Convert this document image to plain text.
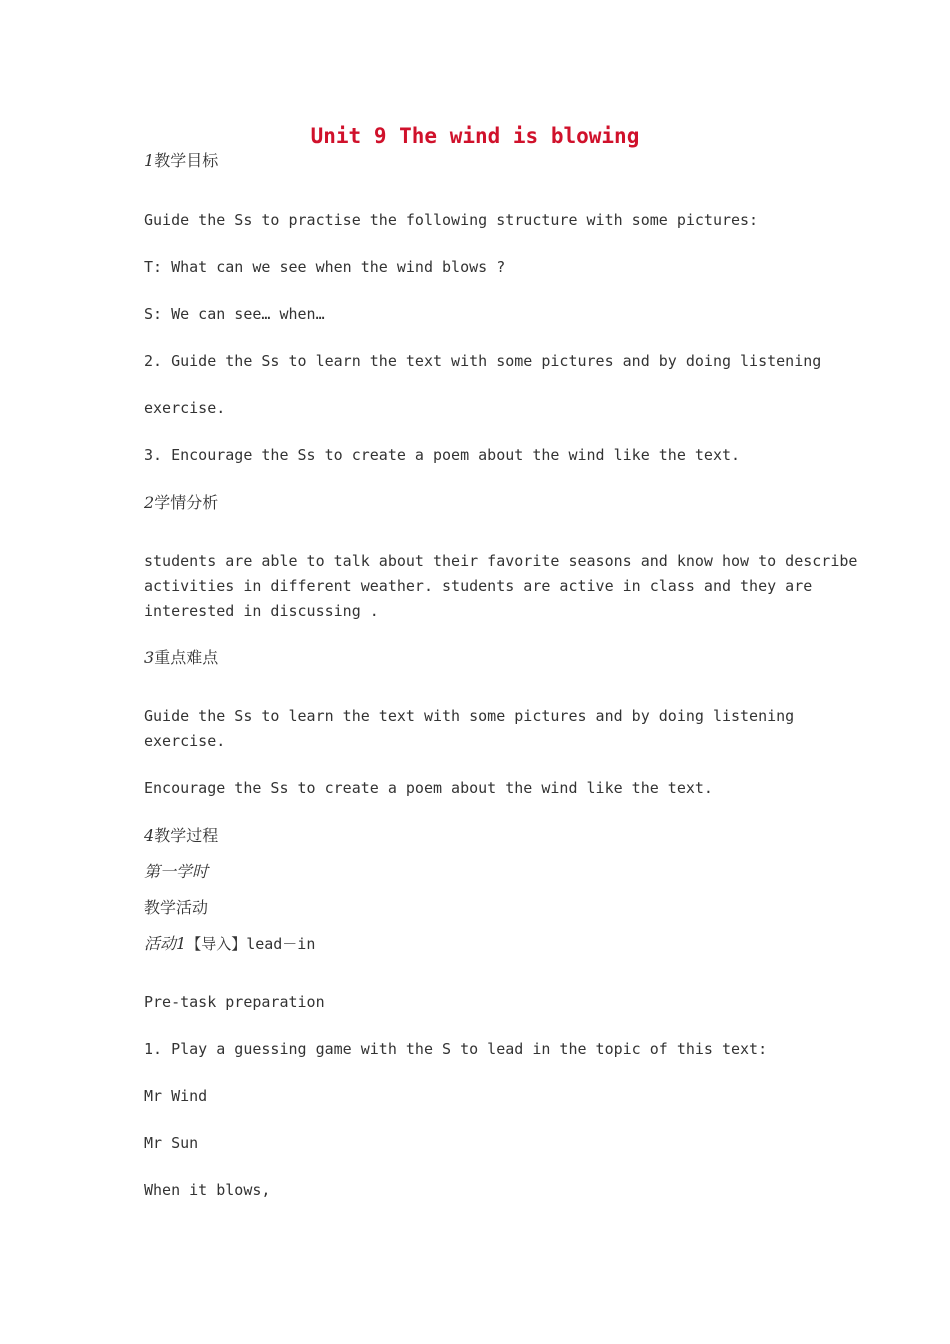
Unit 9 The wind is blowing
1教学目标
Guide the Ss to practise the following structure with some pictures:
T: What can we see when the wind blows ?
S: We can see… when…
2. Guide the Ss to learn the text with some pictures and by doing listening
exercise.
3. Encourage the Ss to create a poem about the wind like the text.
2学情分析
students are able to talk about their favorite seasons and know how to describe
activities in different weather. students are active in class and they are
interested in discussing .
3重点难点
Guide the Ss to learn the text with some pictures and by doing listening
exercise.
Encourage the Ss to create a poem about the wind like the text.
4教学过程
第一学时
教学活动
活动1【导入】lead－in
Pre-task preparation
1. Play a guessing game with the S to lead in the topic of this text:
Mr Wind
Mr Sun
When it blows,
